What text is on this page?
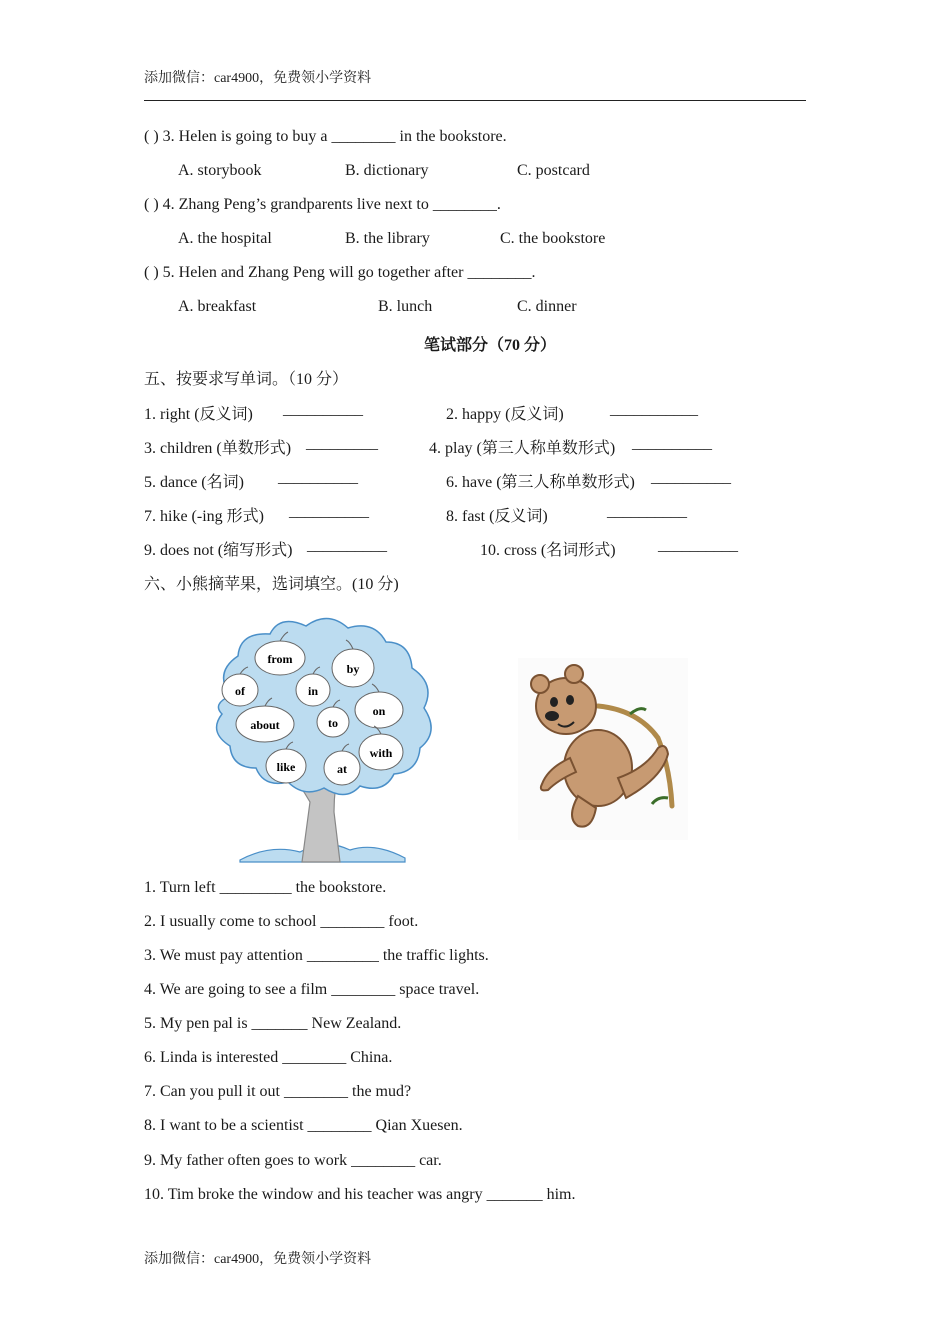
添加微信：car4900，免费领小学资料
( ) 3. Helen is going to buy a ________ in the bookstore.
A. storybook	B. dictionary	C. postcard
( ) 4. Zhang Peng’s grandparents live next to ________.
A. the hospital	B. the library	C. the bookstore
( ) 5. Helen and Zhang Peng will go together after ________.
A. breakfast	B. lunch	C. dinner
笔试部分（70 分）
五、按要求写单词。（10 分）
1. right (反义词) __________	2. happy (反义词)	___________
3. children (单数形式) _________	4. play (第三人称单数形式) __________
5. dance (名词) __________	6. have (第三人称单数形式) __________
7. hike (-ing 形式) __________	8. fast (反义词)	__________
9. does not (缩写形式) __________	10. cross (名词形式)	__________
六、小熊摘苹果，选词填空。(10 分)
from
by
of	in
about	to
on
like	at
with
1. Turn left _________ the bookstore.
2. I usually come to school ________ foot.
3. We must pay attention _________ the traffic lights.
4. We are going to see a film ________ space travel.
5. My pen pal is _______ New Zealand.
6. Linda is interested ________ China.
7. Can you pull it out ________ the mud?
8. I want to be a scientist ________ Qian Xuesen.
9. My father often goes to work ________ car.
10. Tim broke the window and his teacher was angry _______ him.
添加微信：car4900，免费领小学资料
